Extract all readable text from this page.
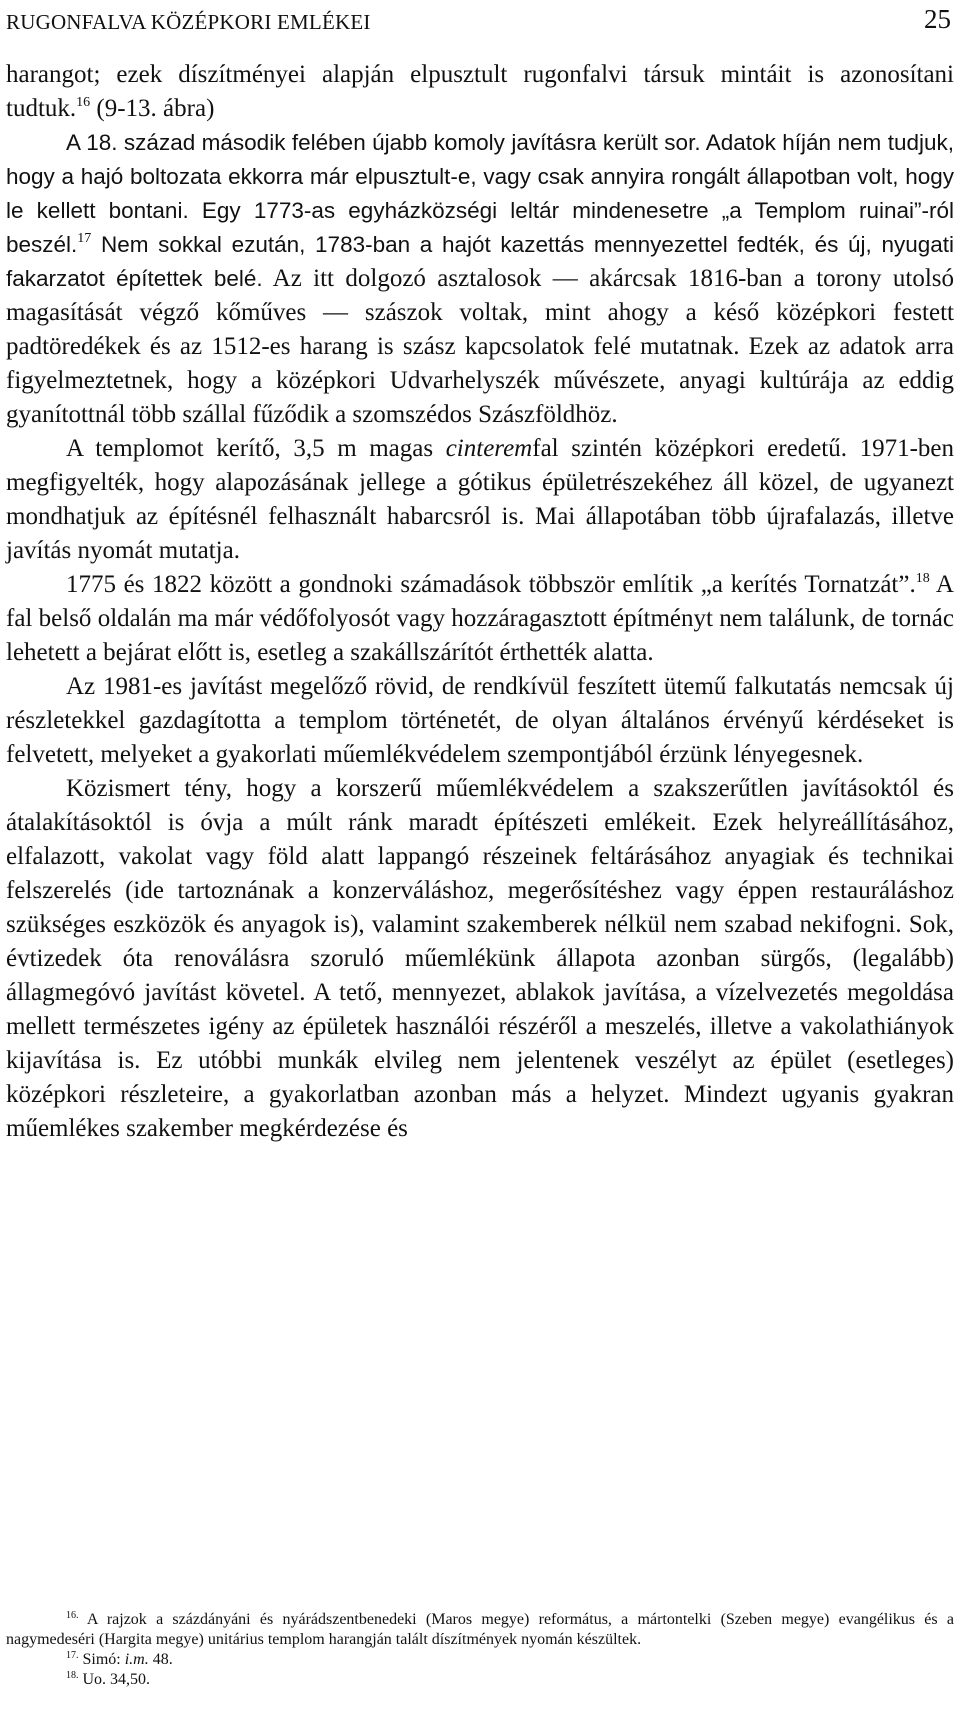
RUGONFALVA KÖZÉPKORI EMLÉKEI	25

harangot; ezek díszítményei alapján elpusztult rugonfalvi társuk mintáit is azonosítani tudtuk.$^{16}$ (9-13. ábra)

A 18. század második felében újabb komoly javításra került sor. Adatok híján nem tudjuk, hogy a hajó boltozata ekkorra már elpusztult-e, vagy csak annyira rongált állapotban volt, hogy le kellett bontani. Egy 1773-as egyházközségi leltár mindenesetre „a Templom ruinai”-ról beszél.$^{17}$ Nem sokkal ezután, 1783-ban a hajót kazettás mennyezettel fedték, és új, nyugati fakarzatot építettek belé. Az itt dolgozó asztalosok — akárcsak 1816-ban a torony utolsó magasítását végző kőműves — szászok voltak, mint ahogy a késő középkori festett padtöredékek és az 1512-es harang is szász kapcsolatok felé mutatnak. Ezek az adatok arra figyelmeztetnek, hogy a középkori Udvarhelyszék művészete, anyagi kultúrája az eddig gyanítottnál több szállal fűződik a szomszédos Szászföldhöz.

A templomot kerítő, 3,5 m magas cinteremfal szintén középkori eredetű. 1971-ben megfigyelték, hogy alapozásának jellege a gótikus épületrészekéhez áll közel, de ugyanezt mondhatjuk az építésnél felhasznált habarcsról is. Mai állapotában több újrafalazás, illetve javítás nyomát mutatja.

1775 és 1822 között a gondnoki számadások többször említik „a kerítés Tornatzát”.$^{18}$ A fal belső oldalán ma már védőfolyosót vagy hozzáragasztott építményt nem találunk, de tornác lehetett a bejárat előtt is, esetleg a szakállszárítót érthették alatta.

Az 1981-es javítást megelőző rövid, de rendkívül feszített ütemű falkutatás nemcsak új részletekkel gazdagította a templom történetét, de olyan általános érvényű kérdéseket is felvetett, melyeket a gyakorlati műemlékvédelem szempontjából érzünk lényegesnek.

Közismert tény, hogy a korszerű műemlékvédelem a szakszerűtlen javításoktól és átalakításoktól is óvja a múlt ránk maradt építészeti emlékeit. Ezek helyreállításához, elfalazott, vakolat vagy föld alatt lappangó részeinek feltárásához anyagiak és technikai felszerelés (ide tartoznának a konzerváláshoz, megerősítéshez vagy éppen restauráláshoz szükséges eszközök és anyagok is), valamint szakemberek nélkül nem szabad nekifogni. Sok, évtizedek óta renoválásra szoruló műemlékünk állapota azonban sürgős, (legalább) állagmegóvó javítást követel. A tető, mennyezet, ablakok javítása, a vízelvezetés megoldása mellett természetes igény az épületek használói részéről a meszelés, illetve a vakolathiányok kijavítása is. Ez utóbbi munkák elvileg nem jelentenek veszélyt az épület (esetleges) középkori részleteire, a gyakorlatban azonban más a helyzet. Mindezt ugyanis gyakran műemlékes szakember megkérdezése és

$^{16.}$ A rajzok a százdányáni és nyárádszentbenedeki (Maros megye) református, a mártontelki (Szeben megye) evangélikus és a nagymedeséri (Hargita megye) unitárius templom harangján talált díszítmények nyomán készültek.

$^{17.}$ Simó: i.m. 48.

$^{18.}$ Uo. 34,50.
